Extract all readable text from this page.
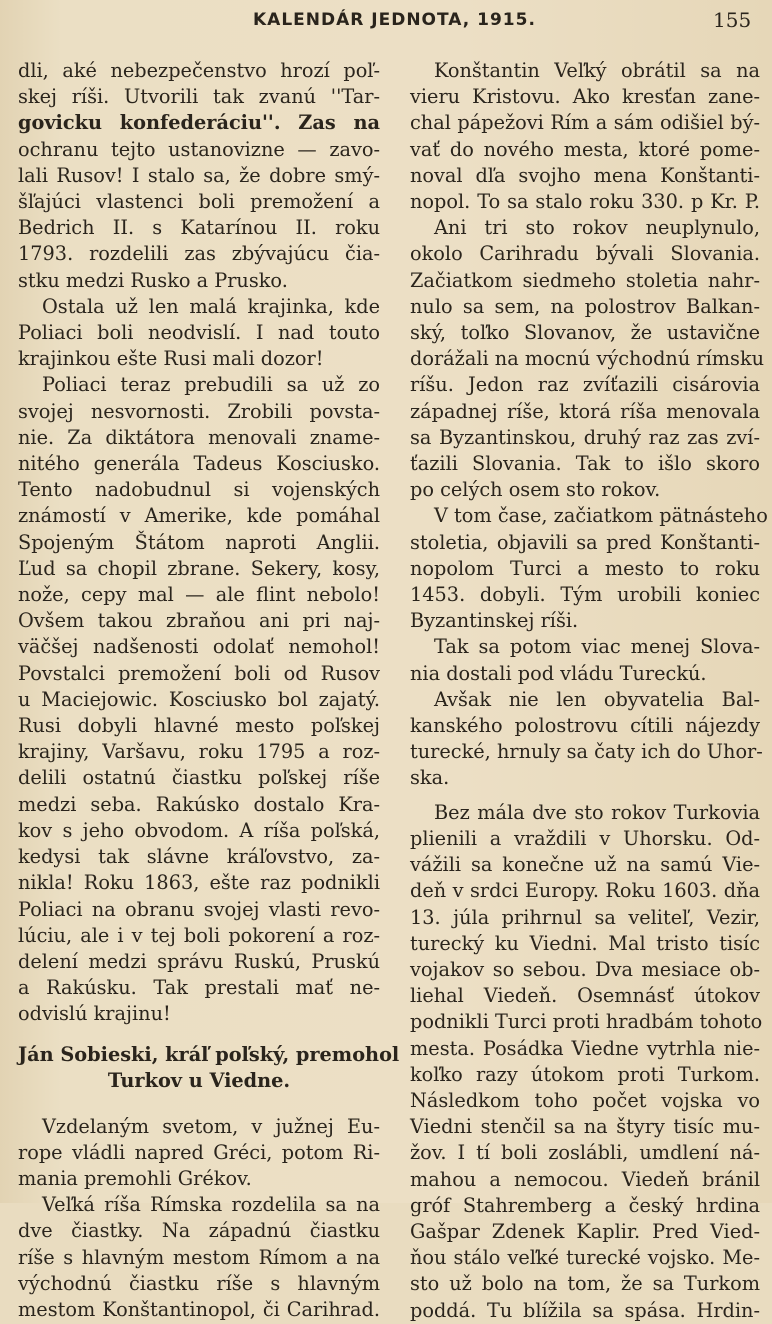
KALENDÁR JEDNOTA, 1915.	155

dli, aké nebezpečenstvo hrozí poľ-
skej ríši. Utvorili tak zvanú ''Tar-
govicku konfederáciu''. Zas na
ochranu tejto ustanovizne — zavo-
lali Rusov! I stalo sa, že dobre smý-
šľajúci vlastenci boli premožení a
Bedrich II. s Katarínou II. roku
1793. rozdelili zas zbývajúcu čia-
stku medzi Rusko a Prusko.

Ostala už len malá krajinka, kde
Poliaci boli neodvislí. I nad touto
krajinkou ešte Rusi mali dozor!

Poliaci teraz prebudili sa už zo
svojej nesvornosti. Zrobili povsta-
nie. Za diktátora menovali zname-
nitého generála Tadeus Kosciusko.
Tento nadobudnul si vojenských
známostí v Amerike, kde pomáhal
Spojeným Štátom naproti Anglii.
Ľud sa chopil zbrane. Sekery, kosy,
nože, cepy mal — ale flint nebolo!
Ovšem takou zbraňou ani pri naj-
väčšej nadšenosti odolať nemohol!
Povstalci premožení boli od Rusov
u Maciejowic. Kosciusko bol zajatý.
Rusi dobyli hlavné mesto poľskej
krajiny, Varšavu, roku 1795 a roz-
delili ostatnú čiastku poľskej ríše
medzi seba. Rakúsko dostalo Kra-
kov s jeho obvodom. A ríša poľská,
kedysi tak slávne kráľovstvo, za-
nikla! Roku 1863, ešte raz podnikli
Poliaci na obranu svojej vlasti revo-
lúciu, ale i v tej boli pokorení a roz-
delení medzi správu Ruskú, Pruskú
a Rakúsku. Tak prestali mať ne-
odvislú krajinu!

Ján Sobieski, kráľ poľský, premohol
Turkov u Viedne.

Vzdelaným svetom, v južnej Eu-
rope vládli napred Gréci, potom Ri-
mania premohli Grékov.

Veľká ríša Rímska rozdelila sa na
dve čiastky. Na západnú čiastku
ríše s hlavným mestom Rímom a na
východnú čiastku ríše s hlavným
mestom Konštantinopol, či Carihrad.

Konštantin Veľký obrátil sa na
vieru Kristovu. Ako kresťan zane-
chal pápežovi Rím a sám odišiel bý-
vať do nového mesta, ktoré pome-
noval dľa svojho mena Konštanti-
nopol. To sa stalo roku 330. p Kr. P.

Ani tri sto rokov neuplynulo,
okolo Carihradu bývali Slovania.
Začiatkom siedmeho stoletia nahr-
nulo sa sem, na polostrov Balkan-
ský, toľko Slovanov, že ustavične
dorážali na mocnú východnú rímsku
ríšu. Jedon raz zvíťazili cisárovia
západnej ríše, ktorá ríša menovala
sa Byzantinskou, druhý raz zas zví-
ťazili Slovania. Tak to išlo skoro
po celých osem sto rokov.

V tom čase, začiatkom pätnásteho
stoletia, objavili sa pred Konštanti-
nopolom Turci a mesto to roku
1453. dobyli. Tým urobili koniec
Byzantinskej ríši.

Tak sa potom viac menej Slova-
nia dostali pod vládu Tureckú.

Avšak nie len obyvatelia Bal-
kanského polostrovu cítili nájezdy
turecké, hrnuly sa čaty ich do Uhor-
ska.

Bez mála dve sto rokov Turkovia
plienili a vraždili v Uhorsku. Od-
vážili sa konečne už na samú Vie-
deň v srdci Europy. Roku 1603. dňa
13. júla prihrnul sa veliteľ, Vezir,
turecký ku Viedni. Mal tristo tisíc
vojakov so sebou. Dva mesiace ob-
liehal Viedeň. Osemnásť útokov
podnikli Turci proti hradbám tohoto
mesta. Posádka Viedne vytrhla nie-
koľko razy útokom proti Turkom.
Následkom toho počet vojska vo
Viedni stenčil sa na štyry tisíc mu-
žov. I tí boli zoslábli, umdlení ná-
mahou a nemocou. Viedeň bránil
gróf Stahremberg a český hrdina
Gašpar Zdenek Kaplir. Pred Vied-
ňou stálo veľké turecké vojsko. Me-
sto už bolo na tom, že sa Turkom
poddá. Tu blížila sa spása. Hrdin-
